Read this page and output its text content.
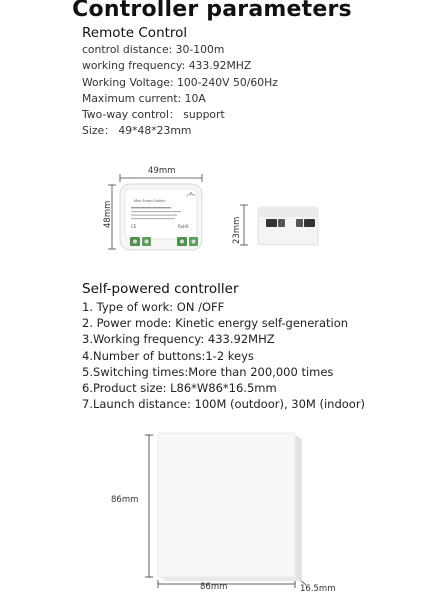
Controller parameters
Remote Control
control distance: 30-100m
working frequency: 433.92MHZ
Working Voltage: 100-240V 50/60Hz
Maximum current: 10A
Two-way control： support
Size： 49*48*23mm
49mm
48mm	Mini Smart Switch
CE	RoHS	23mm
Self-powered controller
1. Type of work: ON /OFF
2. Power mode: Kinetic energy self-generation
3.Working frequency: 433.92MHZ
4.Number of buttons:1-2 keys
5.Switching times:More than 200,000 times
6.Product size: L86*W86*16.5mm
7.Launch distance: 100M (outdoor), 30M (indoor)
86mm
86mm	16.5mm
